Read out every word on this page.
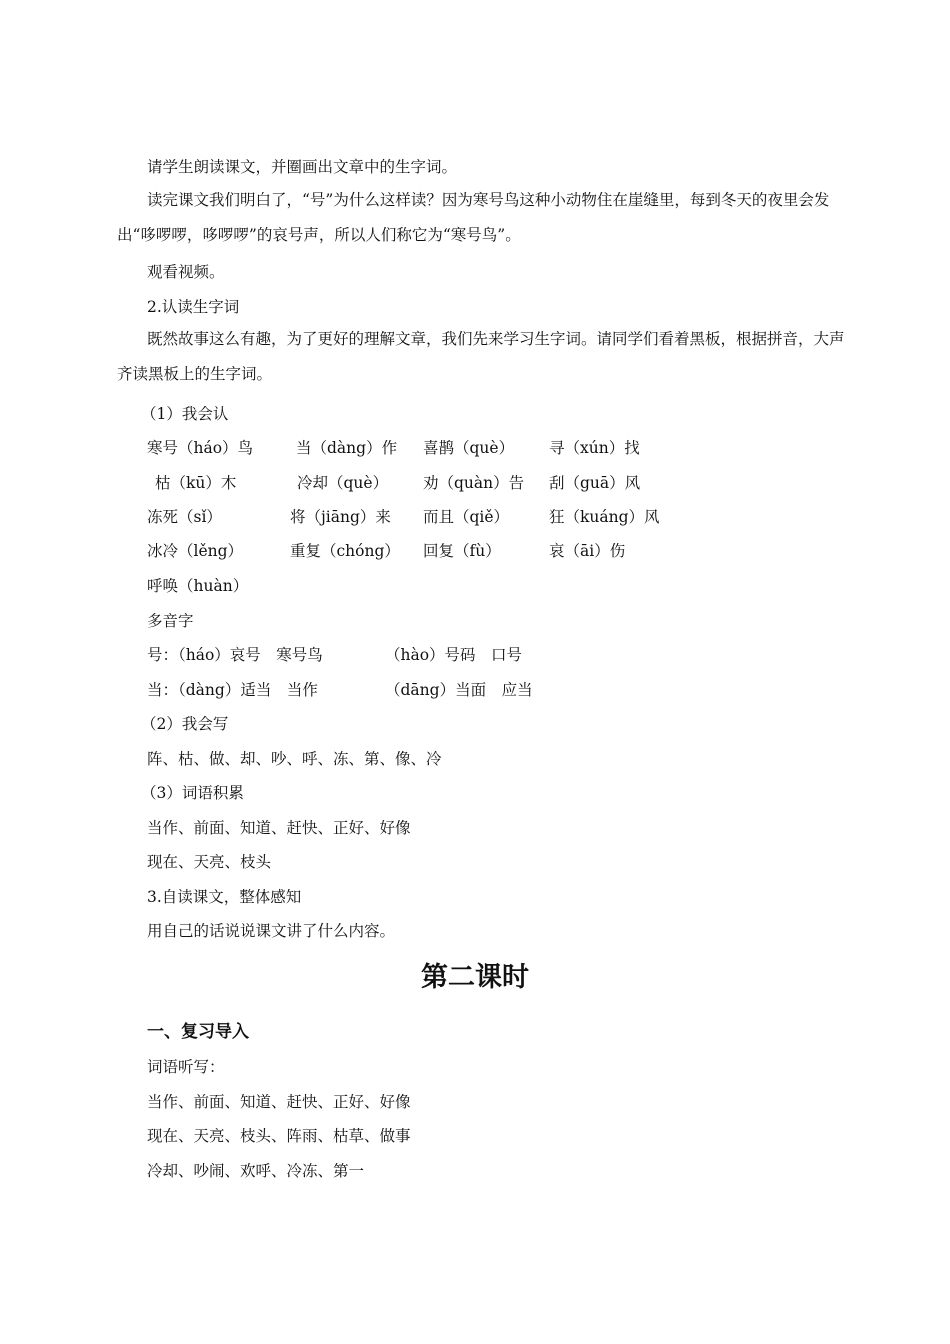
请学生朗读课文，并圈画出文章中的生字词。
读完课文我们明白了，“号”为什么这样读？因为寒号鸟这种小动物住在崖缝里，每到冬天的夜里会发出“哆啰啰，哆啰啰”的哀号声，所以人们称它为“寒号鸟”。
观看视频。
2.认读生字词
既然故事这么有趣，为了更好的理解文章，我们先来学习生字词。请同学们看着黑板，根据拼音，大声齐读黑板上的生字词。
（1）我会认
寒号（háo）鸟	当（dàng）作 喜鹊（què） 寻（xún）找
枯（kū）木	冷却（què） 劝（quàn）告 刮（guā）风
冻死（sǐ）	将（jiāng）来 而且（qiě）	狂（kuáng）风
冰冷（lěng）	重复（chóng） 回复（fù）	哀（āi）伤
呼唤（huàn）
多音字
号：（háo）哀号　寒号鸟	（hào）号码　口号
当：（dàng）适当　当作	（dāng）当面　应当
（2）我会写
阵、枯、做、却、吵、呼、冻、第、像、冷
（3）词语积累
当作、前面、知道、赶快、正好、好像
现在、天亮、枝头
3.自读课文，整体感知
用自己的话说说课文讲了什么内容。
第二课时
一、复习导入
词语听写：
当作、前面、知道、赶快、正好、好像
现在、天亮、枝头、阵雨、枯草、做事
冷却、吵闹、欢呼、冷冻、第一
